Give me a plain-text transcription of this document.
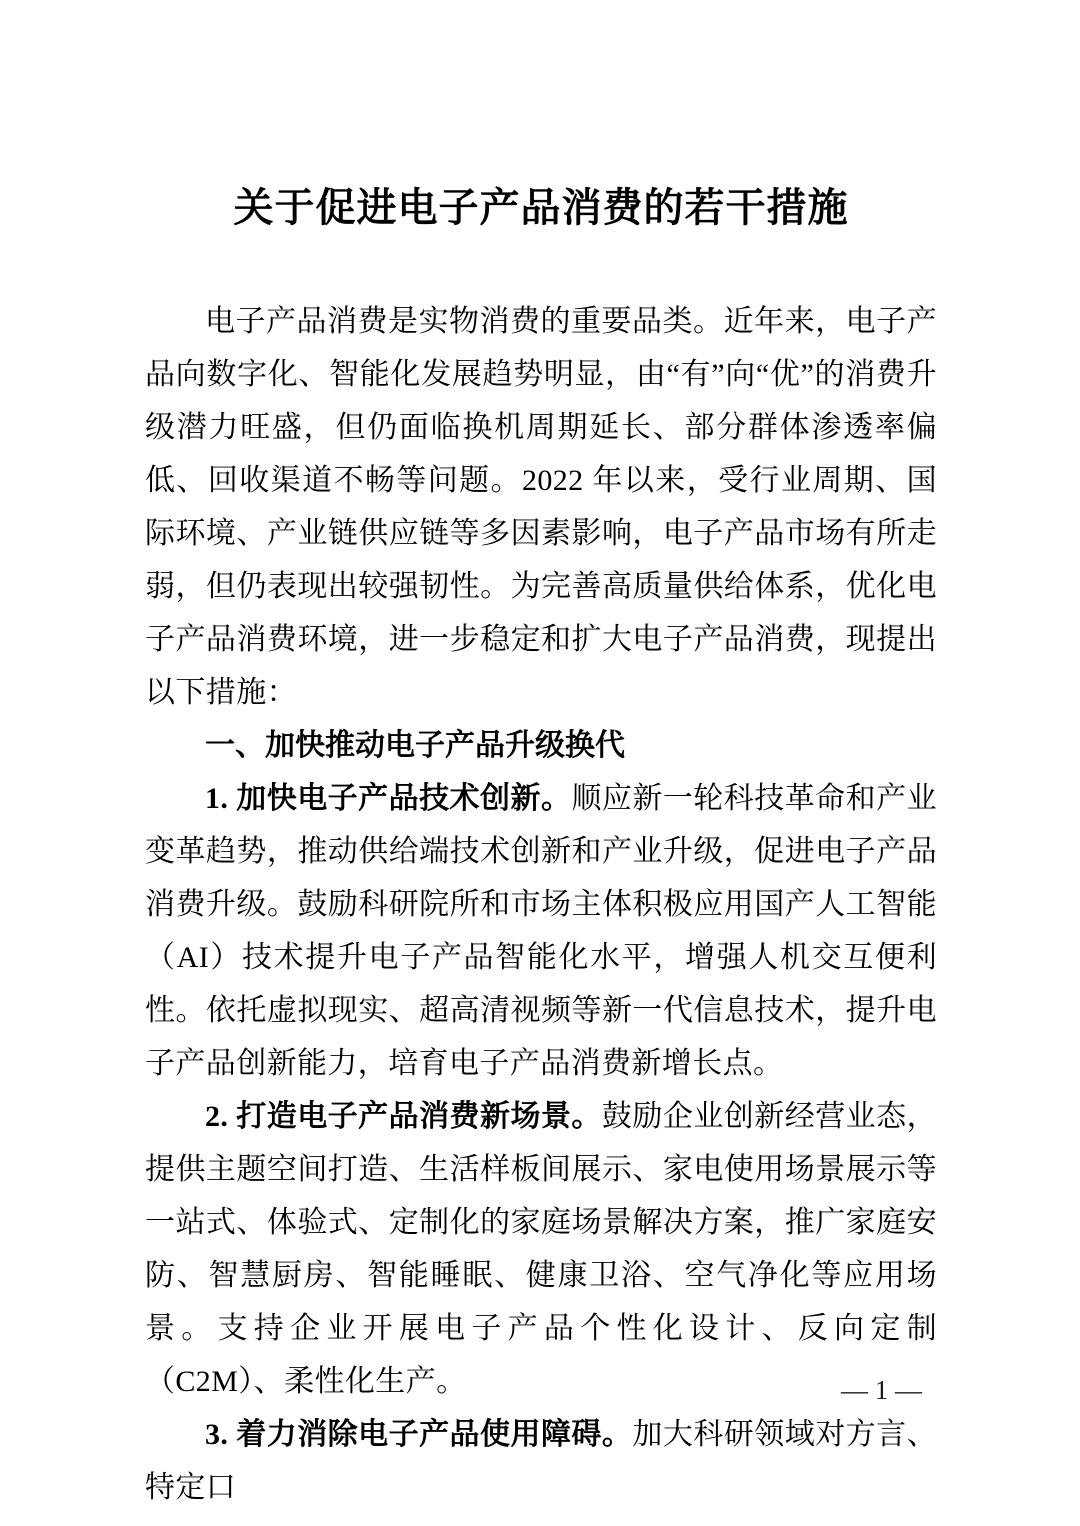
关于促进电子产品消费的若干措施

电子产品消费是实物消费的重要品类。近年来，电子产品向数字化、智能化发展趋势明显，由“有”向“优”的消费升级潜力旺盛，但仍面临换机周期延长、部分群体渗透率偏低、回收渠道不畅等问题。2022 年以来，受行业周期、国际环境、产业链供应链等多因素影响，电子产品市场有所走弱，但仍表现出较强韧性。为完善高质量供给体系，优化电子产品消费环境，进一步稳定和扩大电子产品消费，现提出以下措施：

一、加快推动电子产品升级换代

1. 加快电子产品技术创新。顺应新一轮科技革命和产业变革趋势，推动供给端技术创新和产业升级，促进电子产品消费升级。鼓励科研院所和市场主体积极应用国产人工智能（AI）技术提升电子产品智能化水平，增强人机交互便利性。依托虚拟现实、超高清视频等新一代信息技术，提升电子产品创新能力，培育电子产品消费新增长点。

2. 打造电子产品消费新场景。鼓励企业创新经营业态，提供主题空间打造、生活样板间展示、家电使用场景展示等一站式、体验式、定制化的家庭场景解决方案，推广家庭安防、智慧厨房、智能睡眠、健康卫浴、空气净化等应用场景。支持企业开展电子产品个性化设计、反向定制（C2M）、柔性化生产。

3. 着力消除电子产品使用障碍。加大科研领域对方言、特定口

— 1 —
